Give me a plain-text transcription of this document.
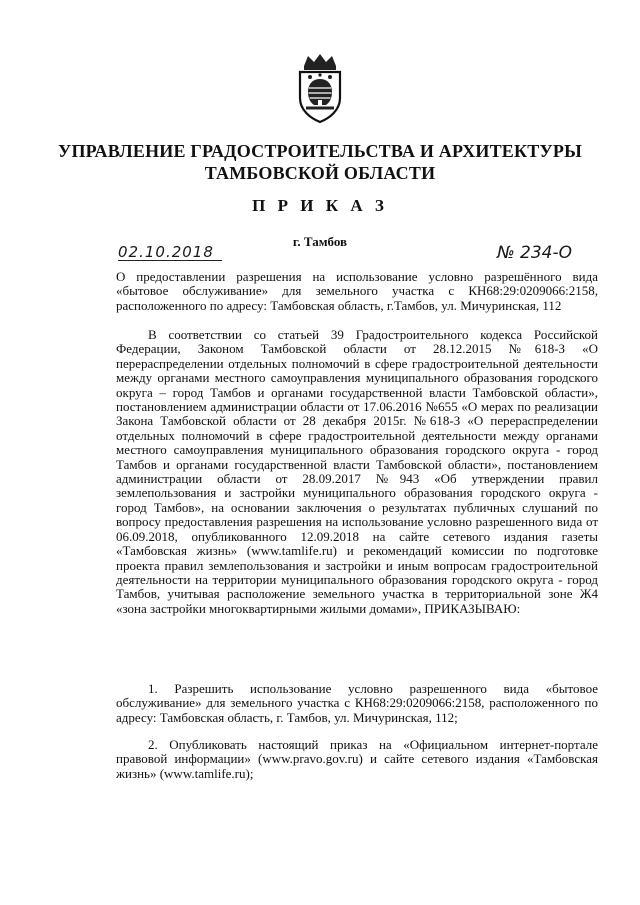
УПРАВЛЕНИЕ ГРАДОСТРОИТЕЛЬСТВА И АРХИТЕКТУРЫ
ТАМБОВСКОЙ ОБЛАСТИ
П Р И К А З
г. Тамбов
02.10.2018	№ 234-О
О предоставлении разрешения на использование условно разрешённого вида «бытовое обслуживание» для земельного участка с КН68:29:0209066:2158, расположенного по адресу: Тамбовская область, г.Тамбов, ул. Мичуринская, 112
В соответствии со статьей 39 Градостроительного кодекса Российской Федерации, Законом Тамбовской области от 28.12.2015 №618-З «О перераспределении отдельных полномочий в сфере градостроительной деятельности между органами местного самоуправления муниципального образования городского округа – город Тамбов и органами государственной власти Тамбовской области», постановлением администрации области от 17.06.2016 №655 «О мерах по реализации Закона Тамбовской области от 28 декабря 2015г. №618-З «О перераспределении отдельных полномочий в сфере градостроительной деятельности между органами местного самоуправления муниципального образования городского округа - город Тамбов и органами государственной власти Тамбовской области», постановлением администрации области от 28.09.2017 №943 «Об утверждении правил землепользования и застройки муниципального образования городского округа - город Тамбов», на основании заключения о результатах публичных слушаний по вопросу предоставления разрешения на использование условно разрешенного вида от 06.09.2018, опубликованного 12.09.2018 на сайте сетевого издания газеты «Тамбовская жизнь» (www.tamlife.ru) и рекомендаций комиссии по подготовке проекта правил землепользования и застройки и иным вопросам градостроительной деятельности на территории муниципального образования городского округа - город Тамбов, учитывая расположение земельного участка в территориальной зоне Ж4 «зона застройки многоквартирными жилыми домами», ПРИКАЗЫВАЮ:
1. Разрешить использование условно разрешенного вида «бытовое обслуживание» для земельного участка с КН68:29:0209066:2158, расположенного по адресу: Тамбовская область, г. Тамбов, ул. Мичуринская, 112;
2. Опубликовать настоящий приказ на «Официальном интернет-портале правовой информации» (www.pravo.gov.ru) и сайте сетевого издания «Тамбовская жизнь» (www.tamlife.ru);
